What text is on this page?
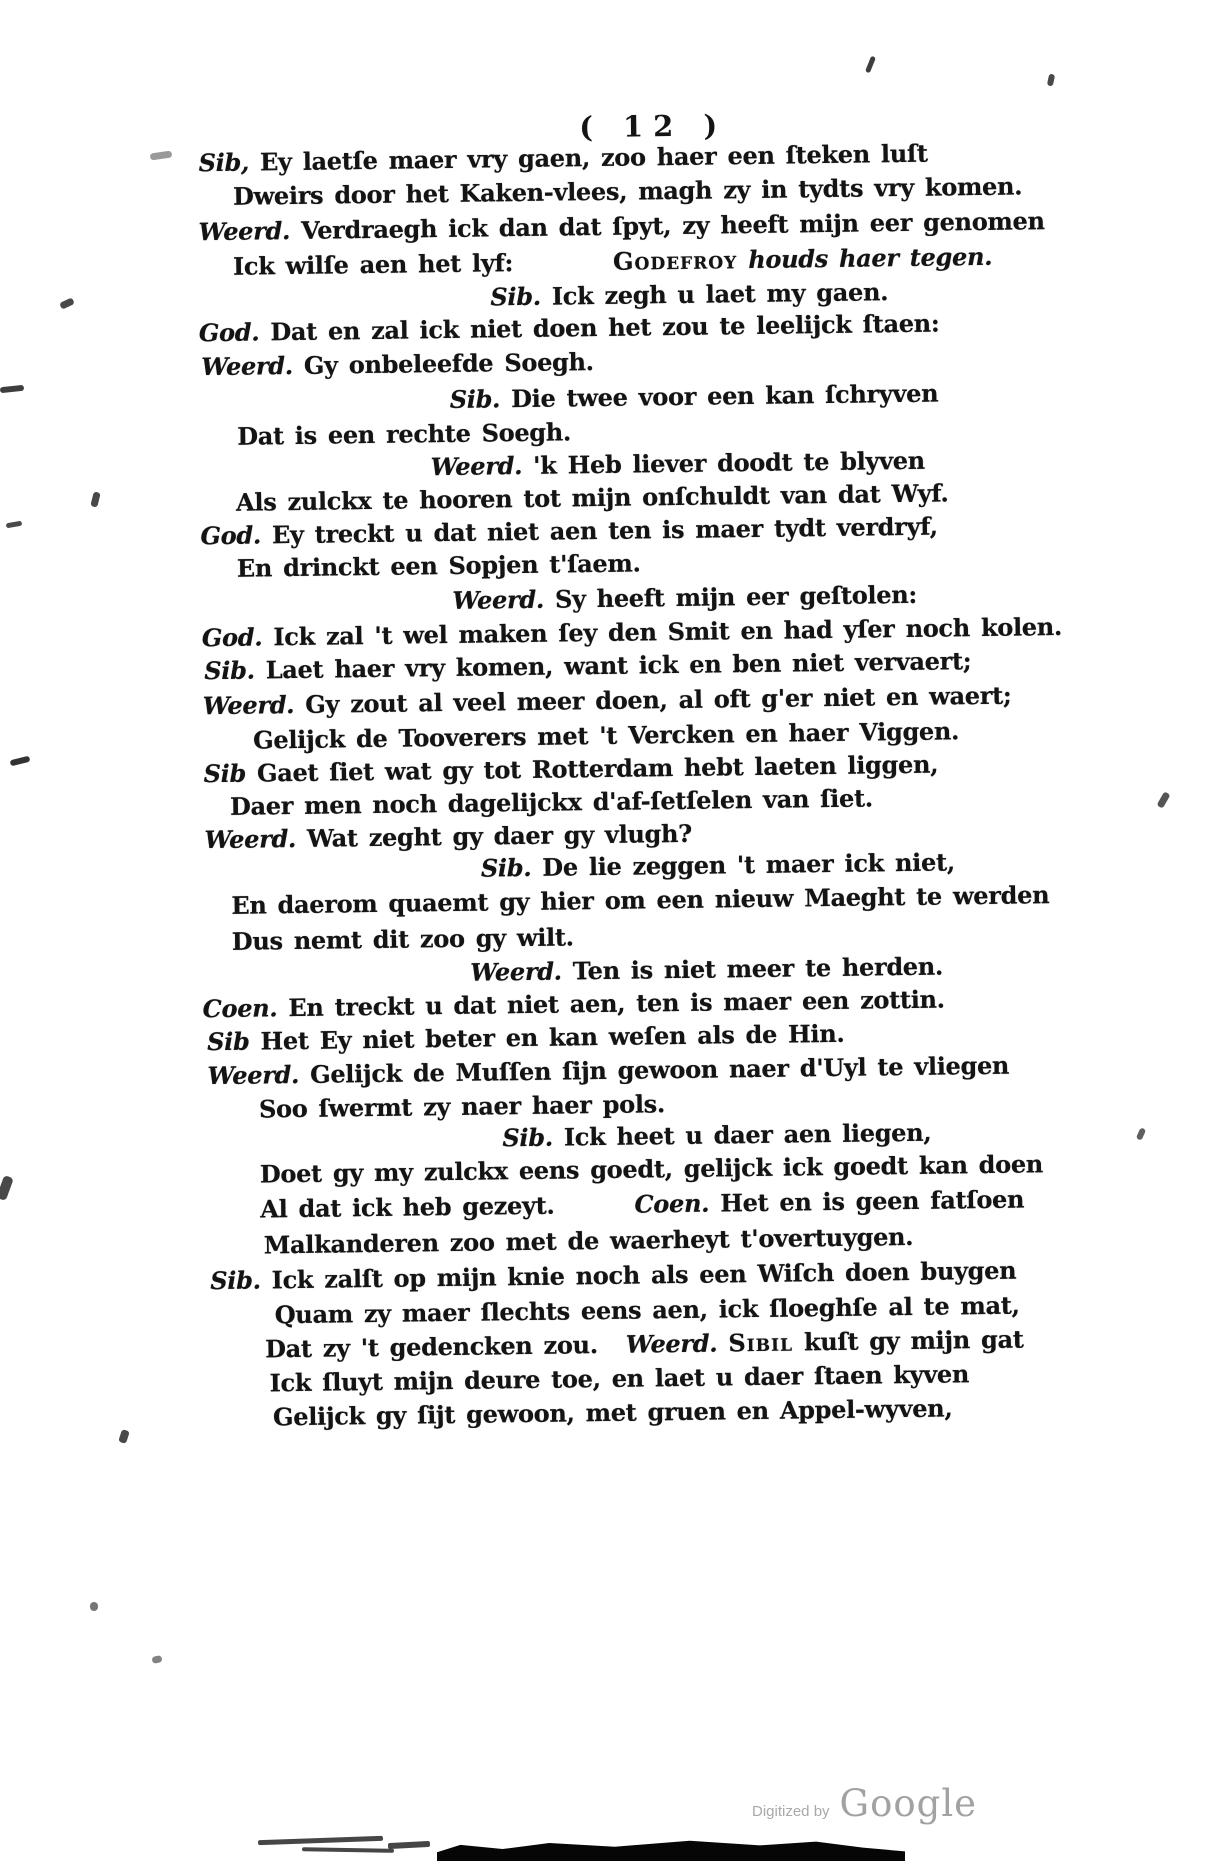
( 12 )
Sib, Ey laetſe maer vry gaen, zoo haer een ſteken luſt
Dweirs door het Kaken-vlees, magh zy in tydts vry komen.
Weerd. Verdraegh ick dan dat ſpyt, zy heeft mijn eer genomen
Ick wilſe aen het lyf:	Godefroy houds haer tegen.
Sib. Ick zegh u laet my gaen.
God. Dat en zal ick niet doen het zou te leelijck ſtaen:
Weerd. Gy onbeleefde Soegh.
Sib. Die twee voor een kan ſchryven
Dat is een rechte Soegh.
Weerd. 'k Heb liever doodt te blyven
Als zulckx te hooren tot mijn onſchuldt van dat Wyf.
God. Ey treckt u dat niet aen ten is maer tydt verdryf,
En drinckt een Sopjen t'ſaem.
Weerd. Sy heeft mijn eer geſtolen:
God. Ick zal 't wel maken ſey den Smit en had yſer noch kolen.
Sib. Laet haer vry komen, want ick en ben niet vervaert;
Weerd. Gy zout al veel meer doen, al oft g'er niet en waert;
Gelijck de Tooverers met 't Vercken en haer Viggen.
Sib Gaet ſiet wat gy tot Rotterdam hebt laeten liggen,
Daer men noch dagelijckx d'af-ſetſelen van ſiet.
Weerd. Wat zeght gy daer gy vlugh?
Sib. De lie zeggen 't maer ick niet,
En daerom quaemt gy hier om een nieuw Maeght te werden
Dus nemt dit zoo gy wilt.
Weerd. Ten is niet meer te herden.
Coen. En treckt u dat niet aen, ten is maer een zottin.
Sib Het Ey niet beter en kan weſen als de Hin.
Weerd. Gelijck de Muſſen ſijn gewoon naer d'Uyl te vliegen
Soo ſwermt zy naer haer pols.
Sib. Ick heet u daer aen liegen,
Doet gy my zulckx eens goedt, gelijck ick goedt kan doen
Al dat ick heb gezeyt.	Coen. Het en is geen fatſoen
Malkanderen zoo met de waerheyt t'overtuygen.
Sib. Ick zalſt op mijn knie noch als een Wiſch doen buygen
Quam zy maer ſlechts eens aen, ick ſloeghſe al te mat,
Dat zy 't gedencken zou. Weerd. Sibil kuſt gy mijn gat
Ick ſluyt mijn deure toe, en laet u daer ſtaen kyven
Gelijck gy ſijt gewoon, met gruen en Appel-wyven,
Digitized by Google
